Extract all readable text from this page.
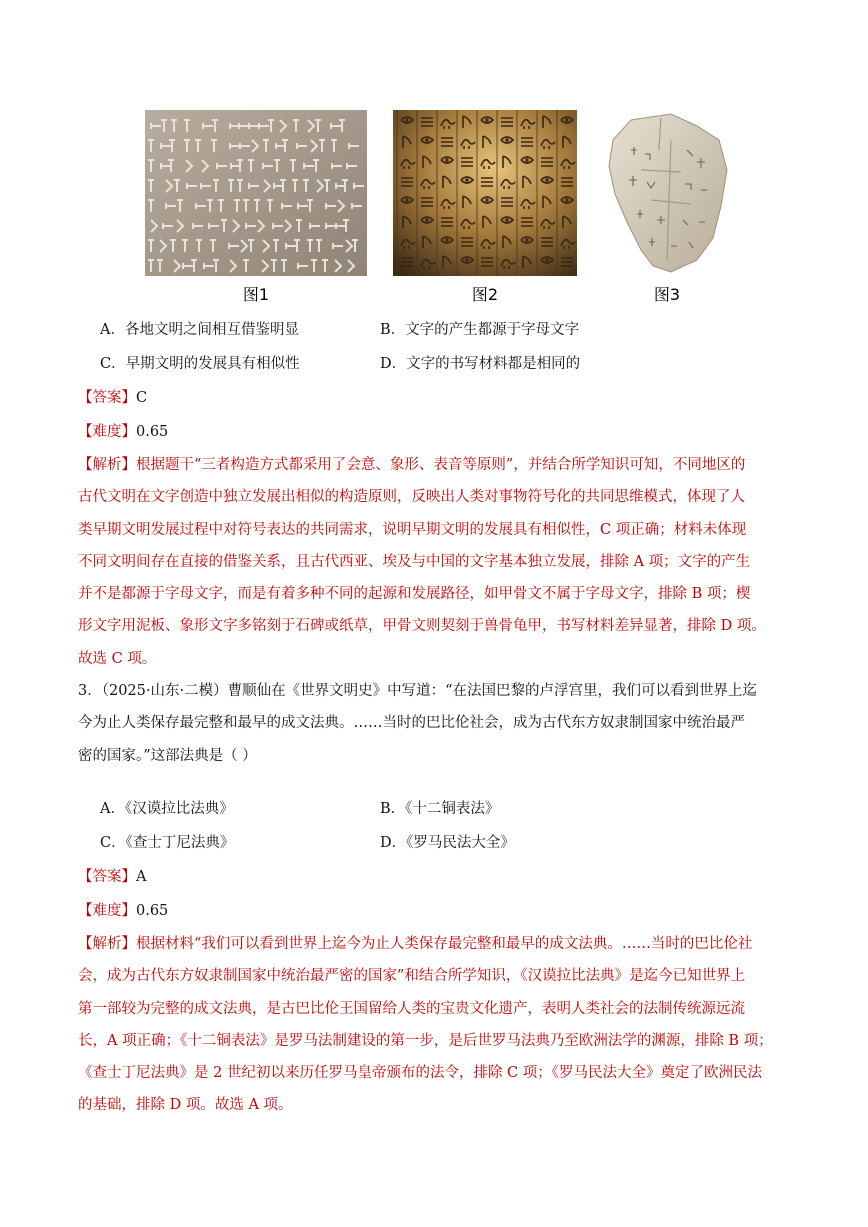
图1	图2	图3
A．各地文明之间相互借鉴明显	B．文字的产生都源于字母文字
C．早期文明的发展具有相似性	D．文字的书写材料都是相同的
【答案】C
【难度】0.65

【解析】根据题干“三者构造方式都采用了会意、象形、表音等原则”，并结合所学知识可知，不同地区的

古代文明在文字创造中独立发展出相似的构造原则，反映出人类对事物符号化的共同思维模式，体现了人

类早期文明发展过程中对符号表达的共同需求，说明早期文明的发展具有相似性，C 项正确；材料未体现

不同文明间存在直接的借鉴关系，且古代西亚、埃及与中国的文字基本独立发展，排除 A 项；文字的产生

并不是都源于字母文字，而是有着多种不同的起源和发展路径，如甲骨文不属于字母文字，排除 B 项；楔

形文字用泥板、象形文字多铭刻于石碑或纸草，甲骨文则契刻于兽骨龟甲，书写材料差异显著，排除 D 项。

故选 C 项。

3．（2025·山东·二模）曹顺仙在《世界文明史》中写道：“在法国巴黎的卢浮宫里，我们可以看到世界上迄

今为止人类保存最完整和最早的成文法典。……当时的巴比伦社会，成为古代东方奴隶制国家中统治最严

密的国家。”这部法典是（ ）

A．《汉谟拉比法典》	B．《十二铜表法》
C．《查士丁尼法典》	D．《罗马民法大全》
【答案】A
【难度】0.65

【解析】根据材料“我们可以看到世界上迄今为止人类保存最完整和最早的成文法典。……当时的巴比伦社

会，成为古代东方奴隶制国家中统治最严密的国家”和结合所学知识，《汉谟拉比法典》是迄今已知世界上

第一部较为完整的成文法典，是古巴比伦王国留给人类的宝贵文化遗产，表明人类社会的法制传统源远流

长，A 项正确；《十二铜表法》是罗马法制建设的第一步，是后世罗马法典乃至欧洲法学的渊源，排除 B 项；

《查士丁尼法典》是 2 世纪初以来历任罗马皇帝颁布的法令，排除 C 项；《罗马民法大全》奠定了欧洲民法

的基础，排除 D 项。故选 A 项。
